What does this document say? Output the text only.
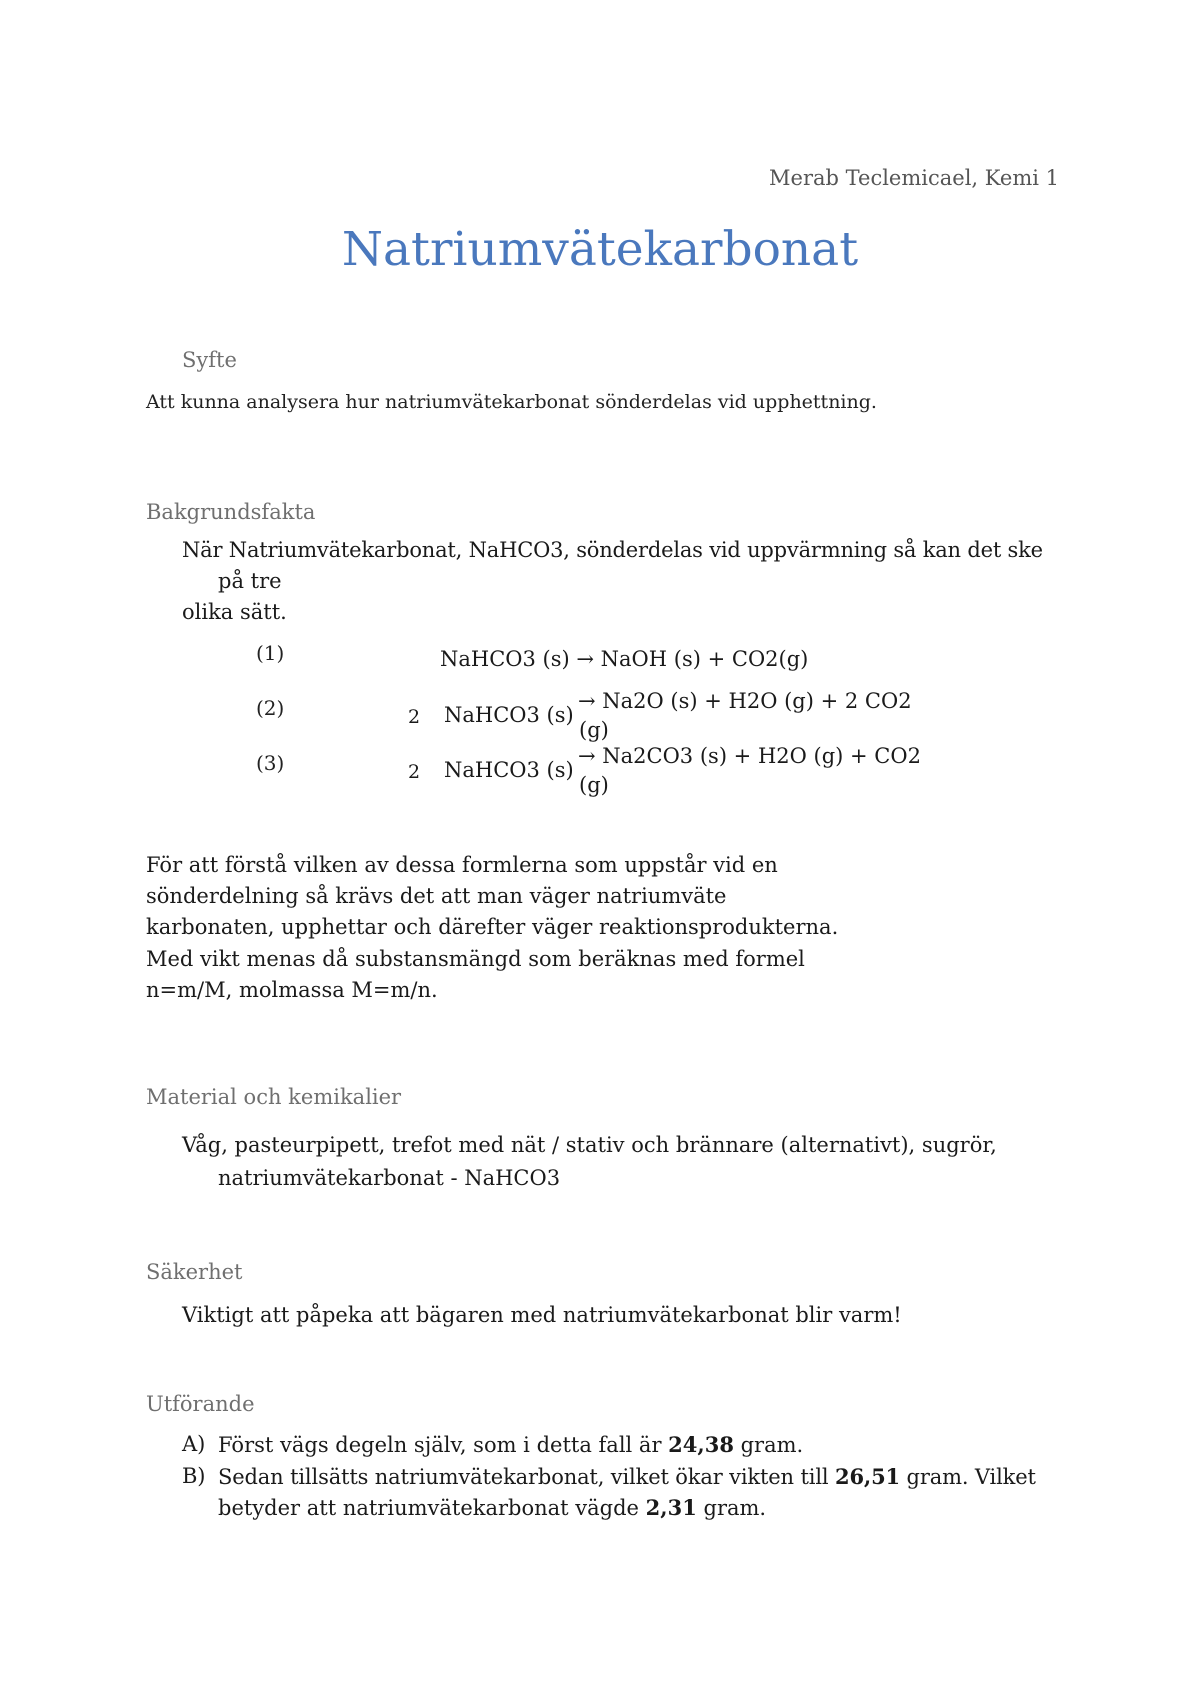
Merab Teclemicael, Kemi 1
Natriumvätekarbonat
Syfte
Att kunna analysera hur natriumvätekarbonat sönderdelas vid upphettning.
Bakgrundsfakta
När Natriumvätekarbonat, NaHCO3, sönderdelas vid uppvärmning så kan det ske
på tre
olika sätt.
(1)	NaHCO3 (s) → NaOH (s) + CO2(g)
(2)	2 NaHCO3 (s)
→ Na2O (s) + H2O (g) + 2 CO2
(g)
(3)	2 NaHCO3 (s)
→ Na2CO3 (s) + H2O (g) + CO2
(g)
För att förstå vilken av dessa formlerna som uppstår vid en
sönderdelning så krävs det att man väger natriumväte
karbonaten, upphettar och därefter väger reaktionsprodukterna.
Med vikt menas då substansmängd som beräknas med formel
n=m/M, molmassa M=m/n.
Material och kemikalier
Våg, pasteurpipett, trefot med nät / stativ och brännare (alternativt), sugrör,
natriumvätekarbonat - NaHCO3
Säkerhet
Viktigt att påpeka att bägaren med natriumvätekarbonat blir varm!
Utförande
A) Först vägs degeln själv, som i detta fall är 24,38 gram.
B) Sedan tillsätts natriumvätekarbonat, vilket ökar vikten till 26,51 gram. Vilket
betyder att natriumvätekarbonat vägde 2,31 gram.
